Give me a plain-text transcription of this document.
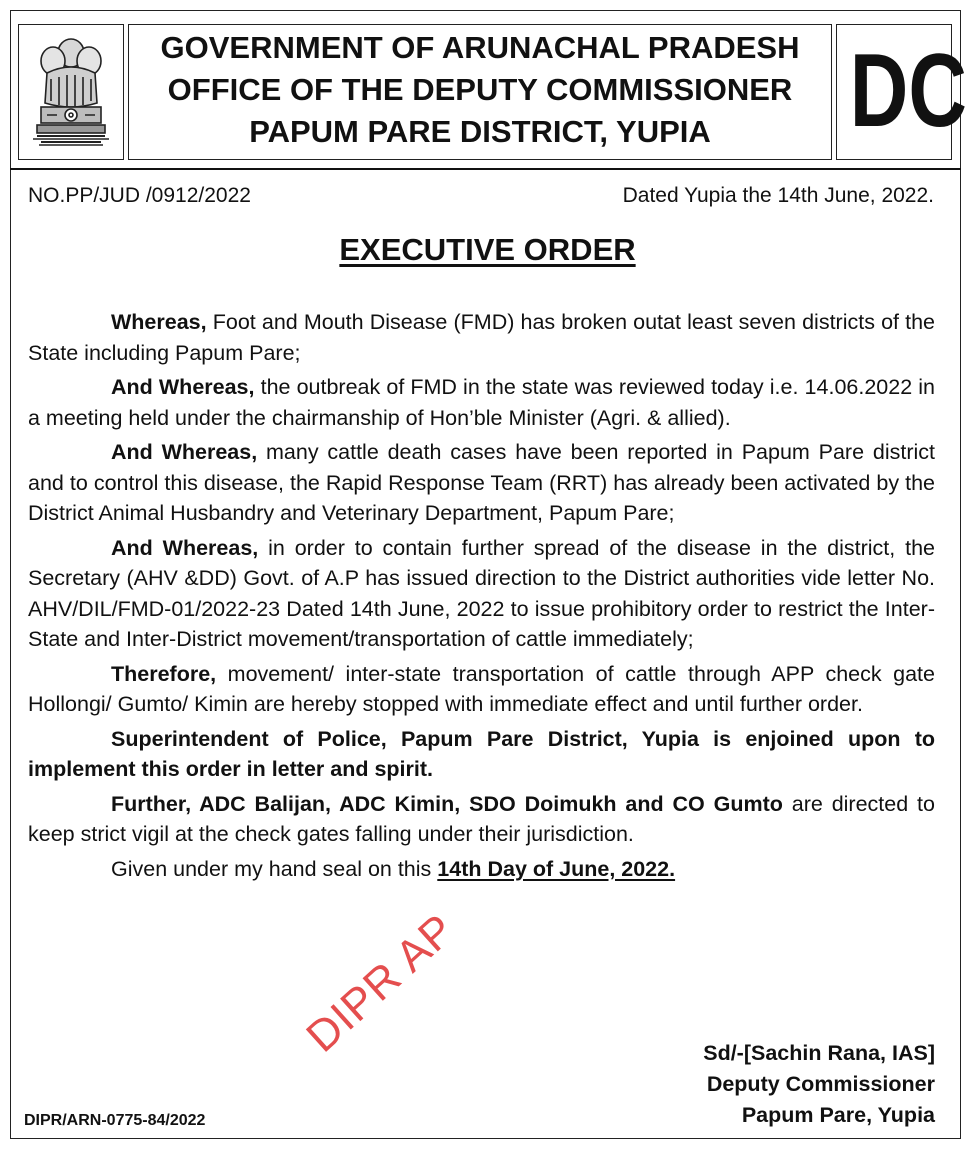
GOVERNMENT OF ARUNACHAL PRADESH
OFFICE OF THE DEPUTY COMMISSIONER
PAPUM PARE DISTRICT, YUPIA	DC
NO.PP/JUD /0912/2022	Dated Yupia the 14th June, 2022.
EXECUTIVE ORDER

Whereas, Foot and Mouth Disease (FMD) has broken outat least seven districts of the State including Papum Pare;

And Whereas, the outbreak of FMD in the state was reviewed today i.e. 14.06.2022 in a meeting held under the chairmanship of Hon’ble Minister (Agri. & allied).

And Whereas, many cattle death cases have been reported in Papum Pare district and to control this disease, the Rapid Response Team (RRT) has already been activated by the District Animal Husbandry and Veterinary Department, Papum Pare;

And Whereas, in order to contain further spread of the disease in the district, the Secretary (AHV &DD) Govt. of A.P has issued direction to the District authorities vide letter No. AHV/DIL/FMD-01/2022-23 Dated 14th June, 2022 to issue prohibitory order to restrict the Inter-State and Inter-District movement/transportation of cattle immediately;

Therefore, movement/ inter-state transportation of cattle through APP check gate Hollongi/ Gumto/ Kimin are hereby stopped with immediate effect and until further order.

Superintendent of Police, Papum Pare District, Yupia is enjoined upon to implement this order in letter and spirit.

Further, ADC Balijan, ADC Kimin, SDO Doimukh and CO Gumto are directed to keep strict vigil at the check gates falling under their jurisdiction.

Given under my hand seal on this 14th Day of June, 2022.

DIPR AP	Sd/-[Sachin Rana, IAS]
Deputy Commissioner
Papum Pare, Yupia
DIPR/ARN-0775-84/2022
